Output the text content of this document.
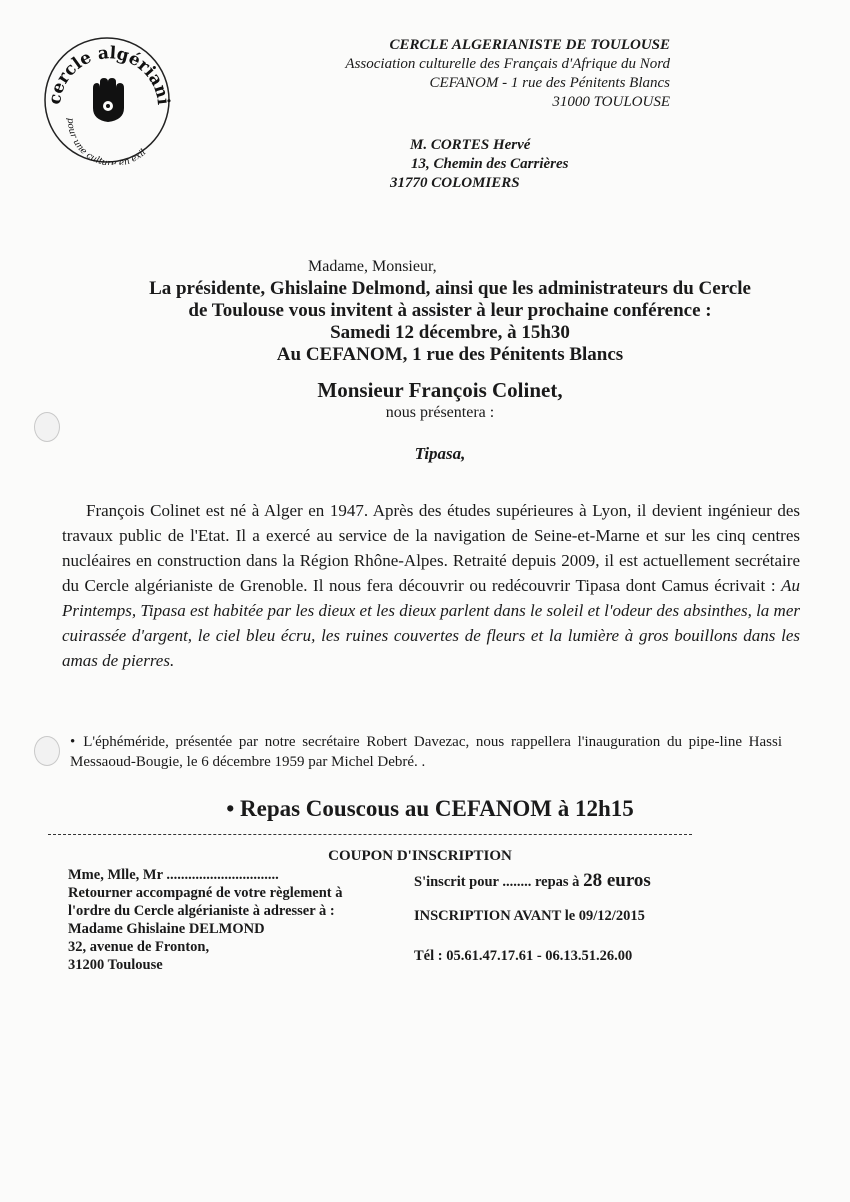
cercle algériani
pour une culture en exil
CERCLE ALGERIANISTE DE TOULOUSE
Association culturelle des Français d'Afrique du Nord
CEFANOM - 1 rue des Pénitents Blancs
31000 TOULOUSE
M. CORTES Hervé
13, Chemin des Carrières
31770 COLOMIERS
Madame, Monsieur,
La présidente, Ghislaine Delmond, ainsi que les administrateurs du Cercle
de Toulouse vous invitent à assister à leur prochaine conférence :
Samedi 12 décembre, à 15h30
Au CEFANOM, 1 rue des Pénitents Blancs
Monsieur François Colinet,
nous présentera :
Tipasa,
François Colinet est né à Alger en 1947. Après des études supérieures à Lyon, il devient ingénieur des travaux public de l'Etat. Il a exercé au service de la navigation de Seine-et-Marne et sur les cinq centres nucléaires en construction dans la Région Rhône-Alpes. Retraité depuis 2009, il est actuellement secrétaire du Cercle algérianiste de Grenoble. Il nous fera découvrir ou redécouvrir Tipasa dont Camus écrivait : Au Printemps, Tipasa est habitée par les dieux et les dieux parlent dans le soleil et l'odeur des absinthes, la mer cuirassée d'argent, le ciel bleu écru, les ruines couvertes de fleurs et la lumière à gros bouillons dans les amas de pierres.
• L'éphéméride, présentée par notre secrétaire Robert Davezac, nous rappellera l'inauguration du pipe-line Hassi Messaoud-Bougie, le 6 décembre 1959 par Michel Debré. .
• Repas Couscous au CEFANOM à 12h15
COUPON D'INSCRIPTION
Mme, Mlle, Mr ...............................
Retourner accompagné de votre règlement à
l'ordre du Cercle algérianiste à adresser à :
Madame Ghislaine DELMOND
32, avenue de Fronton,
31200 Toulouse
S'inscrit pour ........ repas à 28 euros
INSCRIPTION AVANT le 09/12/2015
Tél : 05.61.47.17.61 - 06.13.51.26.00
